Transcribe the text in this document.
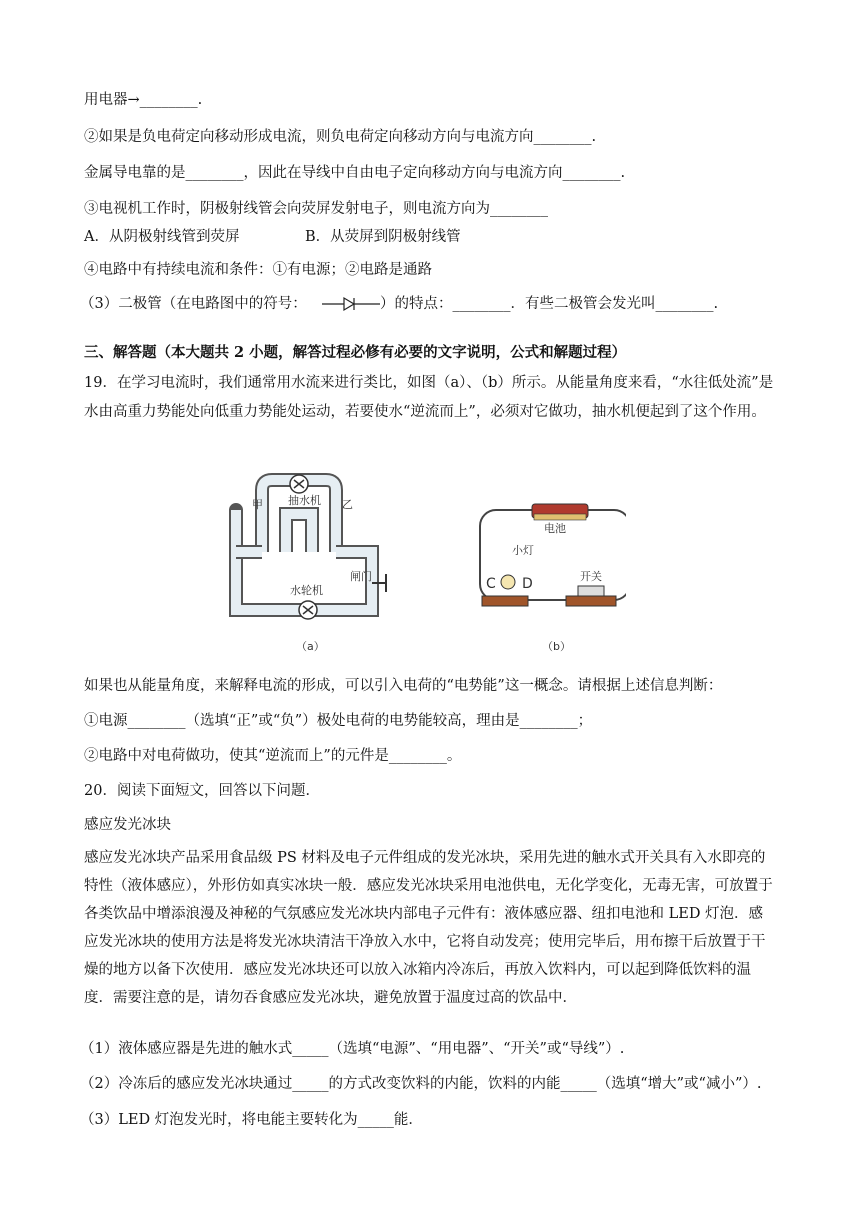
用电器→________.
②如果是负电荷定向移动形成电流，则负电荷定向移动方向与电流方向________.
金属导电靠的是________，因此在导线中自由电子定向移动方向与电流方向________.
③电视机工作时，阴极射线管会向荧屏发射电子，则电流方向为________
A．从阴极射线管到荧屏	B．从荧屏到阴极射线管
④电路中有持续电流和条件：①有电源；②电路是通路
（3）二极管（在电路图中的符号：	）的特点：________．有些二极管会发光叫________.
三、解答题（本大题共 2 小题，解答过程必修有必要的文字说明，公式和解题过程）
19．在学习电流时，我们通常用水流来进行类比，如图（a）、（b）所示。从能量角度来看，“水往低处流”是水由高重力势能处向低重力势能处运动，若要使水“逆流而上”，必须对它做功，抽水机便起到了这个作用。
抽水机
甲	乙
水轮机
闸门
（a）
电池
小灯
C D	开关
（b）
如果也从能量角度，来解释电流的形成，可以引入电荷的“电势能”这一概念。请根据上述信息判断：
①电源________（选填“正”或“负”）极处电荷的电势能较高，理由是________；
②电路中对电荷做功，使其“逆流而上”的元件是________。
20．阅读下面短文，回答以下问题．
感应发光冰块
感应发光冰块产品采用食品级 PS 材料及电子元件组成的发光冰块，采用先进的触水式开关具有入水即亮的特性（液体感应），外形仿如真实冰块一般．感应发光冰块采用电池供电，无化学变化，无毒无害，可放置于各类饮品中增添浪漫及神秘的气氛感应发光冰块内部电子元件有：液体感应器、纽扣电池和 LED 灯泡．感应发光冰块的使用方法是将发光冰块清洁干净放入水中，它将自动发亮；使用完毕后，用布擦干后放置于干燥的地方以备下次使用．感应发光冰块还可以放入冰箱内冷冻后，再放入饮料内，可以起到降低饮料的温度．需要注意的是，请勿吞食感应发光冰块，避免放置于温度过高的饮品中．
（1）液体感应器是先进的触水式_____（选填“电源”、“用电器”、“开关”或“导线”）.
（2）冷冻后的感应发光冰块通过_____的方式改变饮料的内能，饮料的内能_____（选填“增大”或“减小”）.
（3）LED 灯泡发光时，将电能主要转化为_____能．
